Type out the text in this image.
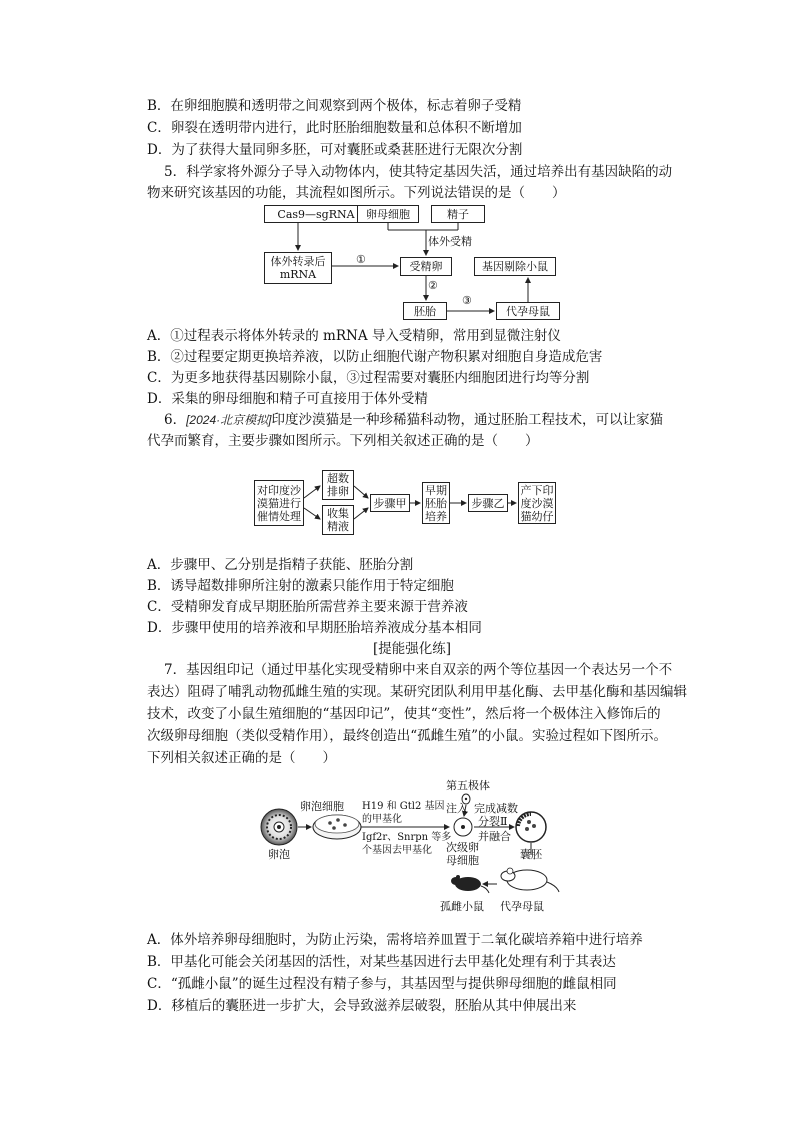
B．在卵细胞膜和透明带之间观察到两个极体，标志着卵子受精
C．卵裂在透明带内进行，此时胚胎细胞数量和总体积不断增加
D．为了获得大量同卵多胚，可对囊胚或桑葚胚进行无限次分割
5．科学家将外源分子导入动物体内，使其特定基因失活，通过培养出有基因缺陷的动
物来研究该基因的功能，其流程如图所示。下列说法错误的是（　　）
Cas9—sgRNA	卵母细胞	精子
体外受精
体外转录后
mRNA
①
受精卵	基因剔除小鼠
②
胚胎
③
代孕母鼠
A．①过程表示将体外转录的 mRNA 导入受精卵，常用到显微注射仪
B．②过程要定期更换培养液，以防止细胞代谢产物积累对细胞自身造成危害
C．为更多地获得基因剔除小鼠，③过程需要对囊胚内细胞团进行均等分割
D．采集的卵母细胞和精子可直接用于体外受精
6．[2024·北京模拟]印度沙漠猫是一种珍稀猫科动物，通过胚胎工程技术，可以让家猫
代孕而繁育，主要步骤如图所示。下列相关叙述正确的是（　　）
对印度沙
漠猫进行
催情处理
超数
排卵
收集
精液
步骤甲
早期
胚胎
培养
步骤乙
产下印
度沙漠
猫幼仔
A．步骤甲、乙分别是指精子获能、胚胎分割
B．诱导超数排卵所注射的激素只能作用于特定细胞
C．受精卵发育成早期胚胎所需营养主要来源于营养液
D．步骤甲使用的培养液和早期胚胎培养液成分基本相同
[提能强化练]
7．基因组印记（通过甲基化实现受精卵中来自双亲的两个等位基因一个表达另一个不
表达）阻碍了哺乳动物孤雌生殖的实现。某研究团队利用甲基化酶、去甲基化酶和基因编辑
技术，改变了小鼠生殖细胞的“基因印记”，使其“变性”，然后将一个极体注入修饰后的
次级卵母细胞（类似受精作用），最终创造出“孤雌生殖”的小鼠。实验过程如下图所示。
下列相关叙述正确的是（　　）
卵泡细胞
卵泡
H19 和 Gtl2 基因
的甲基化
Igf2r、Snrpn 等多
个基因去甲基化
第五极体
注入 完成减数
分裂Ⅱ
并融合
次级卵
母细胞	囊胚
孤雌小鼠 代孕母鼠
A．体外培养卵母细胞时，为防止污染，需将培养皿置于二氧化碳培养箱中进行培养
B．甲基化可能会关闭基因的活性，对某些基因进行去甲基化处理有利于其表达
C．“孤雌小鼠”的诞生过程没有精子参与，其基因型与提供卵母细胞的雌鼠相同
D．移植后的囊胚进一步扩大，会导致滋养层破裂，胚胎从其中伸展出来
